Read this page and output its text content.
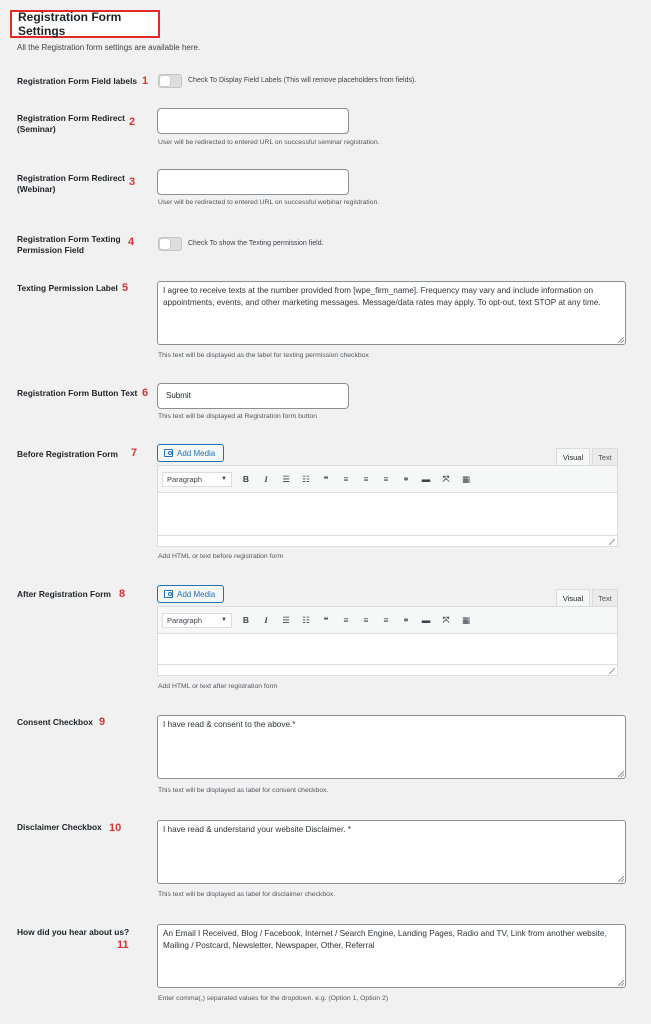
Registration Form Settings
All the Registration form settings are available here.
Registration Form Field labels 1	Check To Display Field Labels (This will remove placeholders from fields).
Registration Form Redirect (Seminar)
2
User will be redirected to entered URL on successful seminar registration.
Registration Form Redirect (Webinar)
3
User will be redirected to entered URL on successful webinar registration.
Registration Form Texting Permission Field
4	Check To show the Texting permission field.
Texting Permission Label 5	I agree to receive texts at the number provided from [wpe_firm_name]. Frequency may vary and include information on appointments, events, and other marketing messages. Message/data rates may apply. To opt-out, text STOP at any time.
This text will be displayed as the label for texting permission checkbox
Registration Form Button Text 6	Submit
This text will be displayed at Registration form button
Before Registration Form	7	Add Media	Visual	Text
Paragraph	▼	B	I	☰	☷	❝	≡	≡	≡	⚭	▬	⤧	▦
Add HTML or text before registration form
After Registration Form 8	Add Media	Visual	Text
Paragraph	▼	B	I	☰	☷	❝	≡	≡	≡	⚭	▬	⤧	▦
Add HTML or text after registration form
Consent Checkbox 9	I have read & consent to the above.*
This text will be displayed as label for consent checkbox.
Disclaimer Checkbox 10	I have read & understand your website Disclaimer. *
This text will be displayed as label for disclaimer checkbox.
How did you hear about us?
11
An Email I Received, Blog / Facebook, Internet / Search Engine, Landing Pages, Radio and TV, Link from another website, Mailing / Postcard, Newsletter, Newspaper, Other, Referral
Enter comma(,) separated values for the dropdown. e.g. (Option 1, Option 2)
